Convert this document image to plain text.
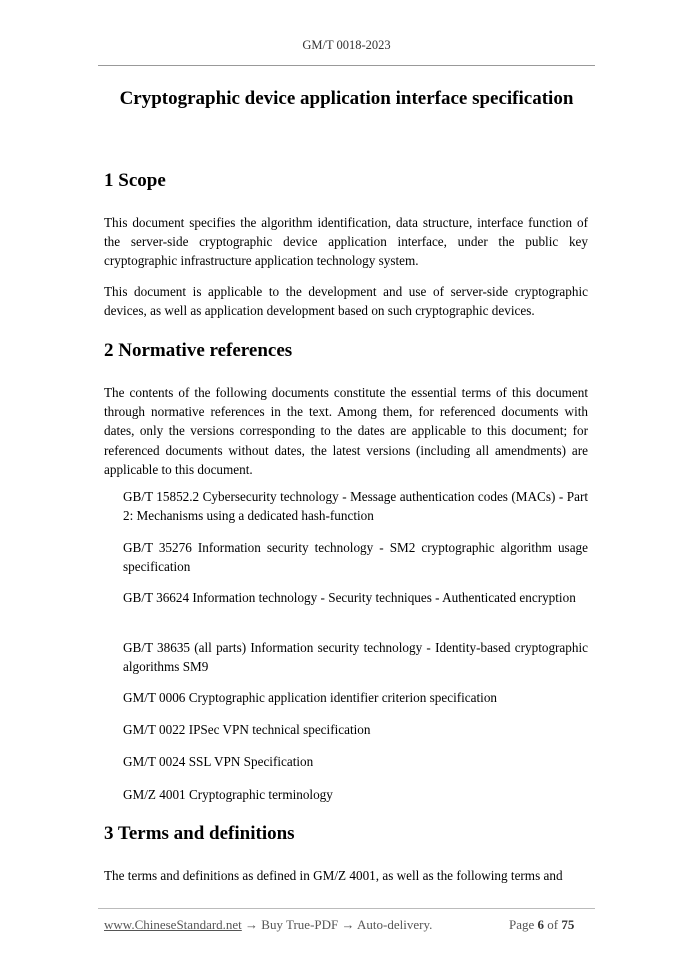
GM/T 0018-2023
Cryptographic device application interface specification
1 Scope
This document specifies the algorithm identification, data structure, interface function of the server-side cryptographic device application interface, under the public key cryptographic infrastructure application technology system.
This document is applicable to the development and use of server-side cryptographic devices, as well as application development based on such cryptographic devices.
2 Normative references
The contents of the following documents constitute the essential terms of this document through normative references in the text. Among them, for referenced documents with dates, only the versions corresponding to the dates are applicable to this document; for referenced documents without dates, the latest versions (including all amendments) are applicable to this document.
GB/T 15852.2 Cybersecurity technology - Message authentication codes (MACs) - Part 2: Mechanisms using a dedicated hash-function
GB/T 35276 Information security technology - SM2 cryptographic algorithm usage specification
GB/T 36624 Information technology - Security techniques - Authenticated encryption
GB/T 38635 (all parts) Information security technology - Identity-based cryptographic algorithms SM9
GM/T 0006 Cryptographic application identifier criterion specification
GM/T 0022 IPSec VPN technical specification
GM/T 0024 SSL VPN Specification
GM/Z 4001 Cryptographic terminology
3 Terms and definitions
The terms and definitions as defined in GM/Z 4001, as well as the following terms and
www.ChineseStandard.net → Buy True-PDF → Auto-delivery.	Page 6 of 75
